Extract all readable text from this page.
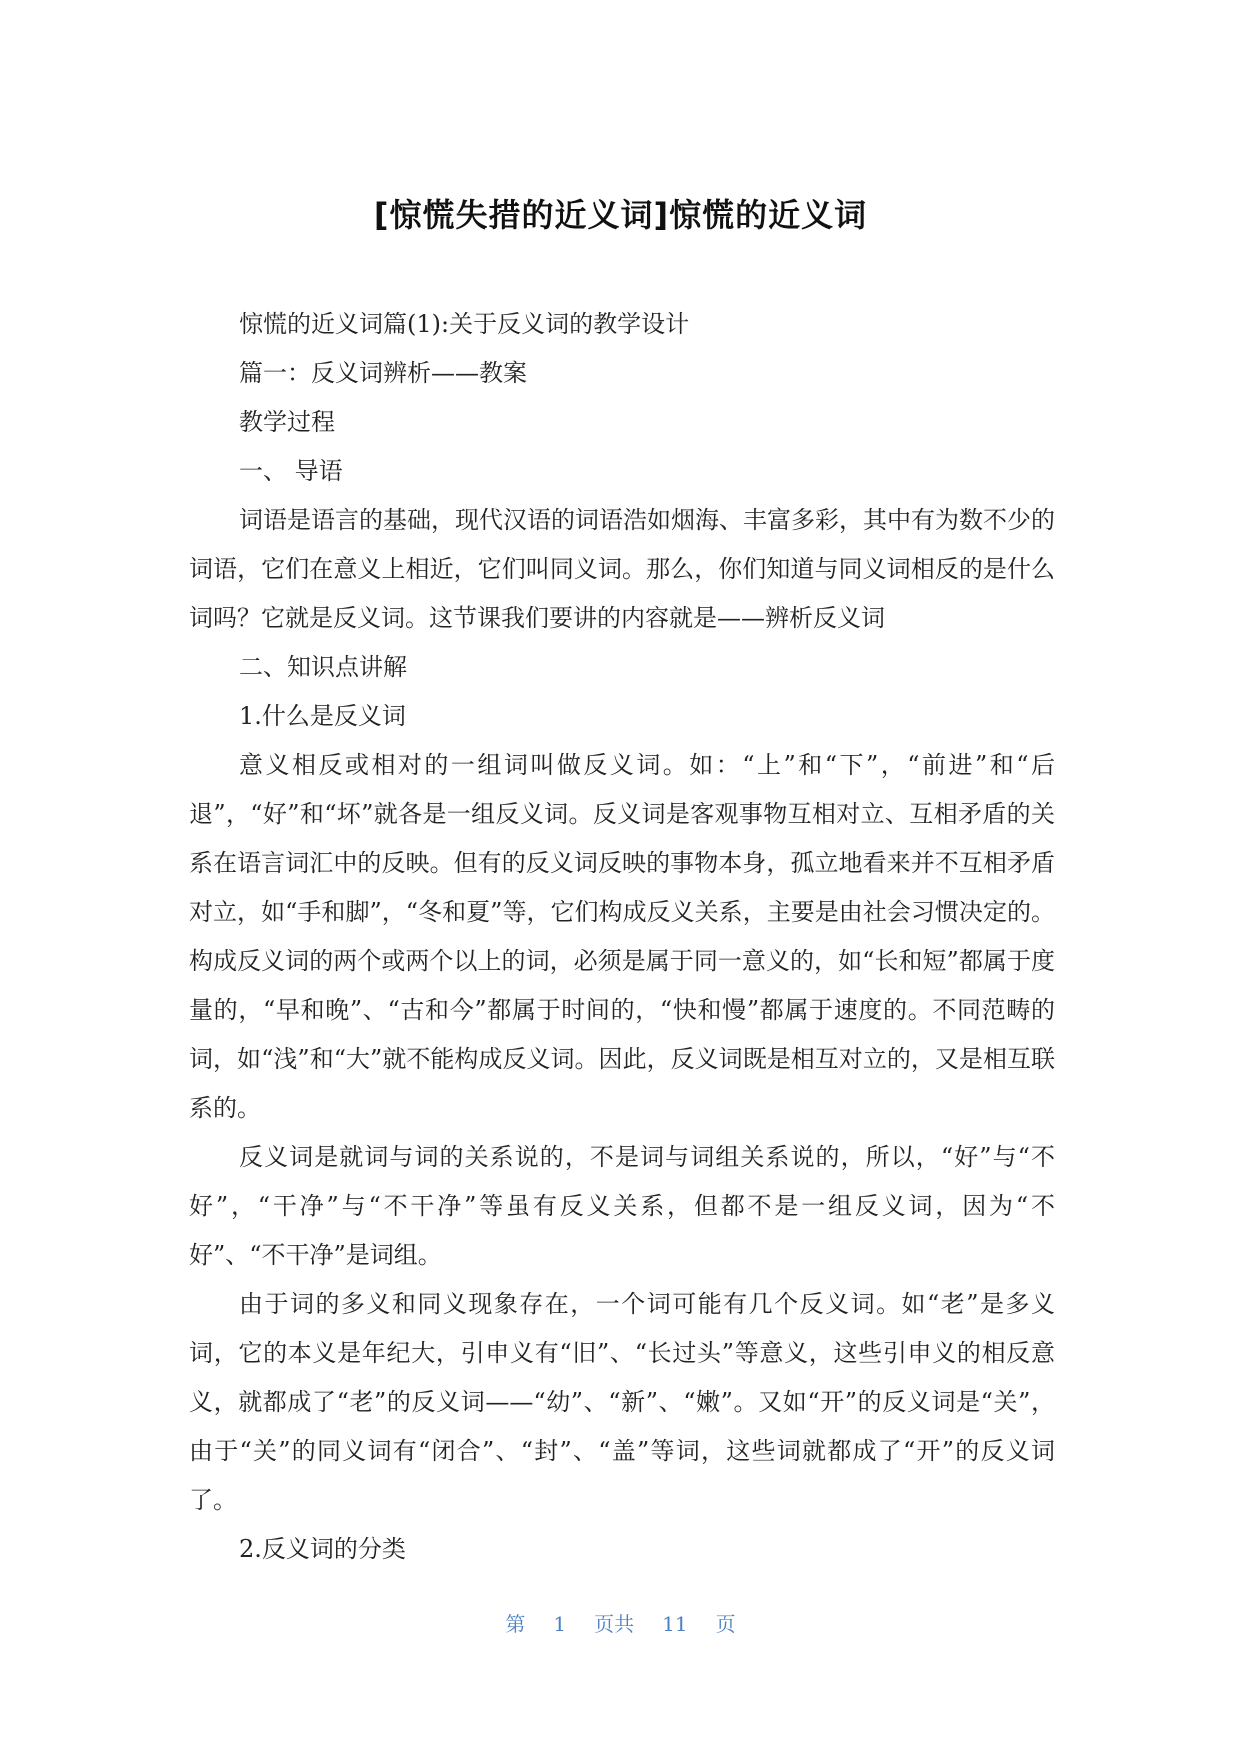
[惊慌失措的近义词]惊慌的近义词

惊慌的近义词篇(1):关于反义词的教学设计

篇一：反义词辨析——教案

教学过程

一、 导语

词语是语言的基础，现代汉语的词语浩如烟海、丰富多彩，其中有为数不少的词语，它们在意义上相近，它们叫同义词。那么，你们知道与同义词相反的是什么词吗？它就是反义词。这节课我们要讲的内容就是——辨析反义词

二、知识点讲解

1.什么是反义词

意义相反或相对的一组词叫做反义词。如：“上”和“下”，“前进”和“后退”，“好”和“坏”就各是一组反义词。反义词是客观事物互相对立、互相矛盾的关系在语言词汇中的反映。但有的反义词反映的事物本身，孤立地看来并不互相矛盾对立，如“手和脚”，“冬和夏”等，它们构成反义关系，主要是由社会习惯决定的。构成反义词的两个或两个以上的词，必须是属于同一意义的，如“长和短”都属于度量的，“早和晚”、“古和今”都属于时间的，“快和慢”都属于速度的。不同范畴的词，如“浅”和“大”就不能构成反义词。因此，反义词既是相互对立的，又是相互联系的。

反义词是就词与词的关系说的，不是词与词组关系说的，所以，“好”与“不好”，“干净”与“不干净”等虽有反义关系，但都不是一组反义词，因为“不好”、“不干净”是词组。

由于词的多义和同义现象存在，一个词可能有几个反义词。如“老”是多义词，它的本义是年纪大，引申义有“旧”、“长过头”等意义，这些引申义的相反意义，就都成了“老”的反义词——“幼”、“新”、“嫩”。又如“开”的反义词是“关”，由于“关”的同义词有“闭合”、“封”、“盖”等词，这些词就都成了“开”的反义词了。

2.反义词的分类

第 1 页共 11 页
